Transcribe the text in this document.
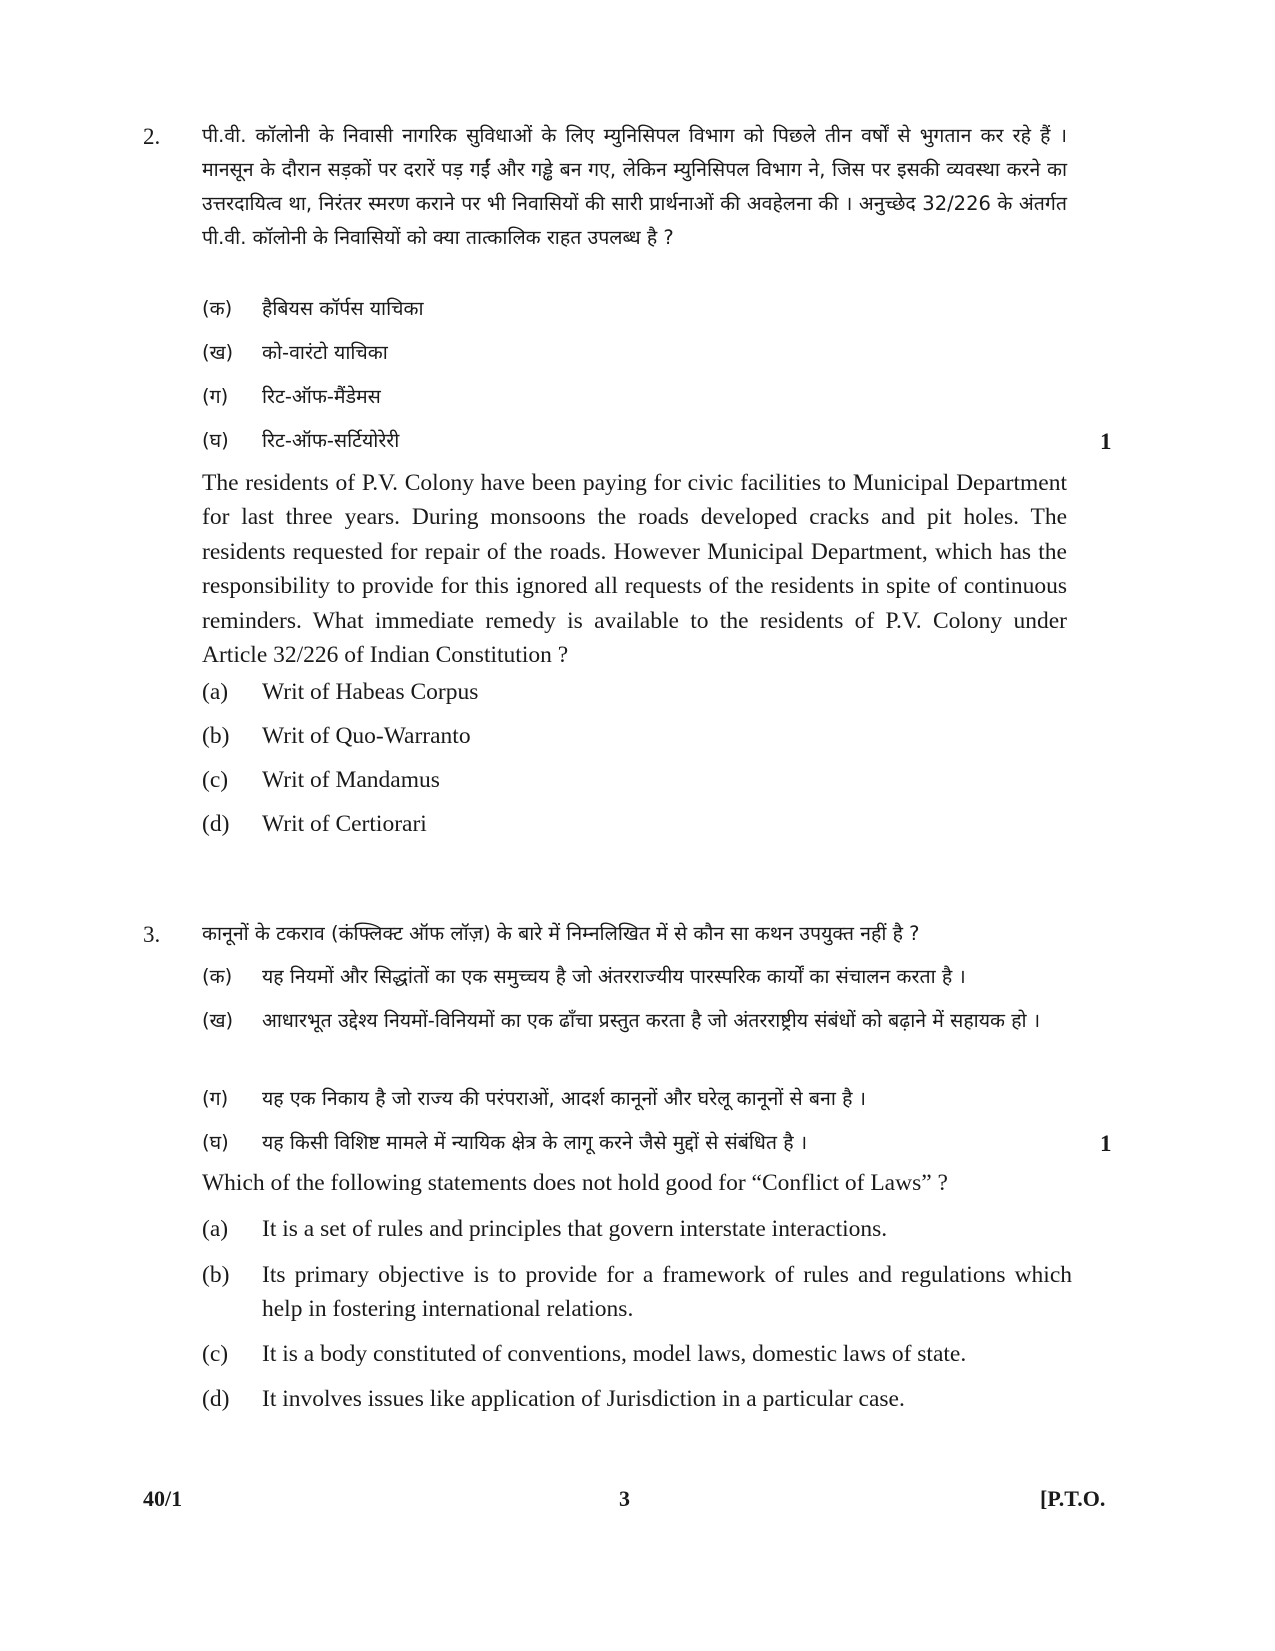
2. पी.वी. कॉलोनी के निवासी नागरिक सुविधाओं के लिए म्युनिसिपल विभाग को पिछले तीन वर्षों से भुगतान कर रहे हैं । मानसून के दौरान सड़कों पर दरारें पड़ गईं और गड्ढे बन गए, लेकिन म्युनिसिपल विभाग ने, जिस पर इसकी व्यवस्था करने का उत्तरदायित्व था, निरंतर स्मरण कराने पर भी निवासियों की सारी प्रार्थनाओं की अवहेलना की । अनुच्छेद 32/226 के अंतर्गत पी.वी. कॉलोनी के निवासियों को क्या तात्कालिक राहत उपलब्ध है ?
(क)	हैबियस कॉर्पस याचिका
(ख)	को-वारंटो याचिका
(ग)	रिट-ऑफ-मैंडेमस
(घ)	रिट-ऑफ-सर्टियोरेरी	1
The residents of P.V. Colony have been paying for civic facilities to Municipal Department for last three years. During monsoons the roads developed cracks and pit holes. The residents requested for repair of the roads. However Municipal Department, which has the responsibility to provide for this ignored all requests of the residents in spite of continuous reminders. What immediate remedy is available to the residents of P.V. Colony under Article 32/226 of Indian Constitution ?
(a)	Writ of Habeas Corpus
(b)	Writ of Quo-Warranto
(c)	Writ of Mandamus
(d)	Writ of Certiorari
3. कानूनों के टकराव (कंफ्लिक्ट ऑफ लॉज़) के बारे में निम्नलिखित में से कौन सा कथन उपयुक्त नहीं है ?
(क)	यह नियमों और सिद्धांतों का एक समुच्चय है जो अंतरराज्यीय पारस्परिक कार्यों का संचालन करता है ।
(ख)	आधारभूत उद्देश्य नियमों-विनियमों का एक ढाँचा प्रस्तुत करता है जो अंतरराष्ट्रीय संबंधों को बढ़ाने में सहायक हो ।
(ग)	यह एक निकाय है जो राज्य की परंपराओं, आदर्श कानूनों और घरेलू कानूनों से बना है ।
(घ)	यह किसी विशिष्ट मामले में न्यायिक क्षेत्र के लागू करने जैसे मुद्दों से संबंधित है ।	1
Which of the following statements does not hold good for “Conflict of Laws” ?
(a)	It is a set of rules and principles that govern interstate interactions.
(b)	Its primary objective is to provide for a framework of rules and regulations which help in fostering international relations.
(c)	It is a body constituted of conventions, model laws, domestic laws of state.
(d)	It involves issues like application of Jurisdiction in a particular case.
40/1	3	[P.T.O.
